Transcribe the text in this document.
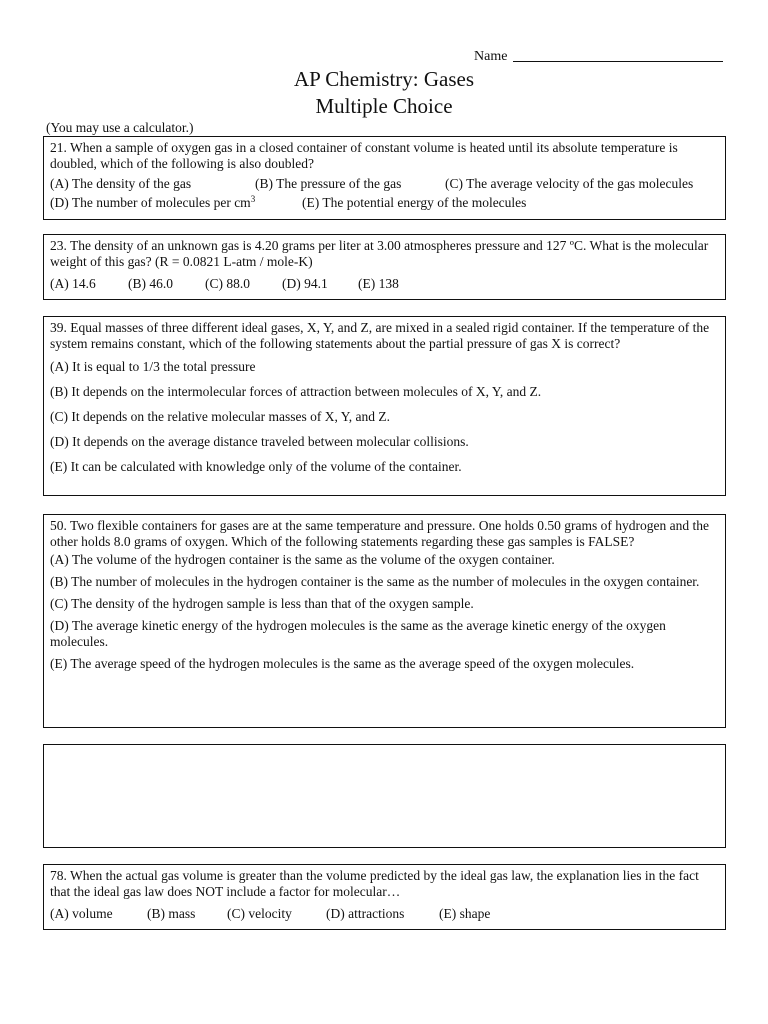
Name
AP Chemistry: Gases
Multiple Choice
(You may use a calculator.)
21. When a sample of oxygen gas in a closed container of constant volume is heated until its absolute temperature is doubled, which of the following is also doubled?
(A) The density of the gas	(B) The pressure of the gas	(C) The average velocity of the gas molecules
(D) The number of molecules per $cm^3$	(E) The potential energy of the molecules
23. The density of an unknown gas is 4.20 grams per liter at 3.00 atmospheres pressure and 127 ºC. What is the molecular weight of this gas? (R = 0.0821 L-atm / mole-K)
(A) 14.6	(B) 46.0	(C) 88.0	(D) 94.1	(E) 138
39. Equal masses of three different ideal gases, X, Y, and Z, are mixed in a sealed rigid container. If the temperature of the system remains constant, which of the following statements about the partial pressure of gas X is correct?
(A) It is equal to 1/3 the total pressure
(B) It depends on the intermolecular forces of attraction between molecules of X, Y, and Z.
(C) It depends on the relative molecular masses of X, Y, and Z.
(D) It depends on the average distance traveled between molecular collisions.
(E) It can be calculated with knowledge only of the volume of the container.
50. Two flexible containers for gases are at the same temperature and pressure. One holds 0.50 grams of hydrogen and the other holds 8.0 grams of oxygen. Which of the following statements regarding these gas samples is FALSE?
(A) The volume of the hydrogen container is the same as the volume of the oxygen container.
(B) The number of molecules in the hydrogen container is the same as the number of molecules in the oxygen container.
(C) The density of the hydrogen sample is less than that of the oxygen sample.
(D) The average kinetic energy of the hydrogen molecules is the same as the average kinetic energy of the oxygen molecules.
(E) The average speed of the hydrogen molecules is the same as the average speed of the oxygen molecules.
78. When the actual gas volume is greater than the volume predicted by the ideal gas law, the explanation lies in the fact that the ideal gas law does NOT include a factor for molecular…
(A) volume	(B) mass	(C) velocity	(D) attractions	(E) shape
